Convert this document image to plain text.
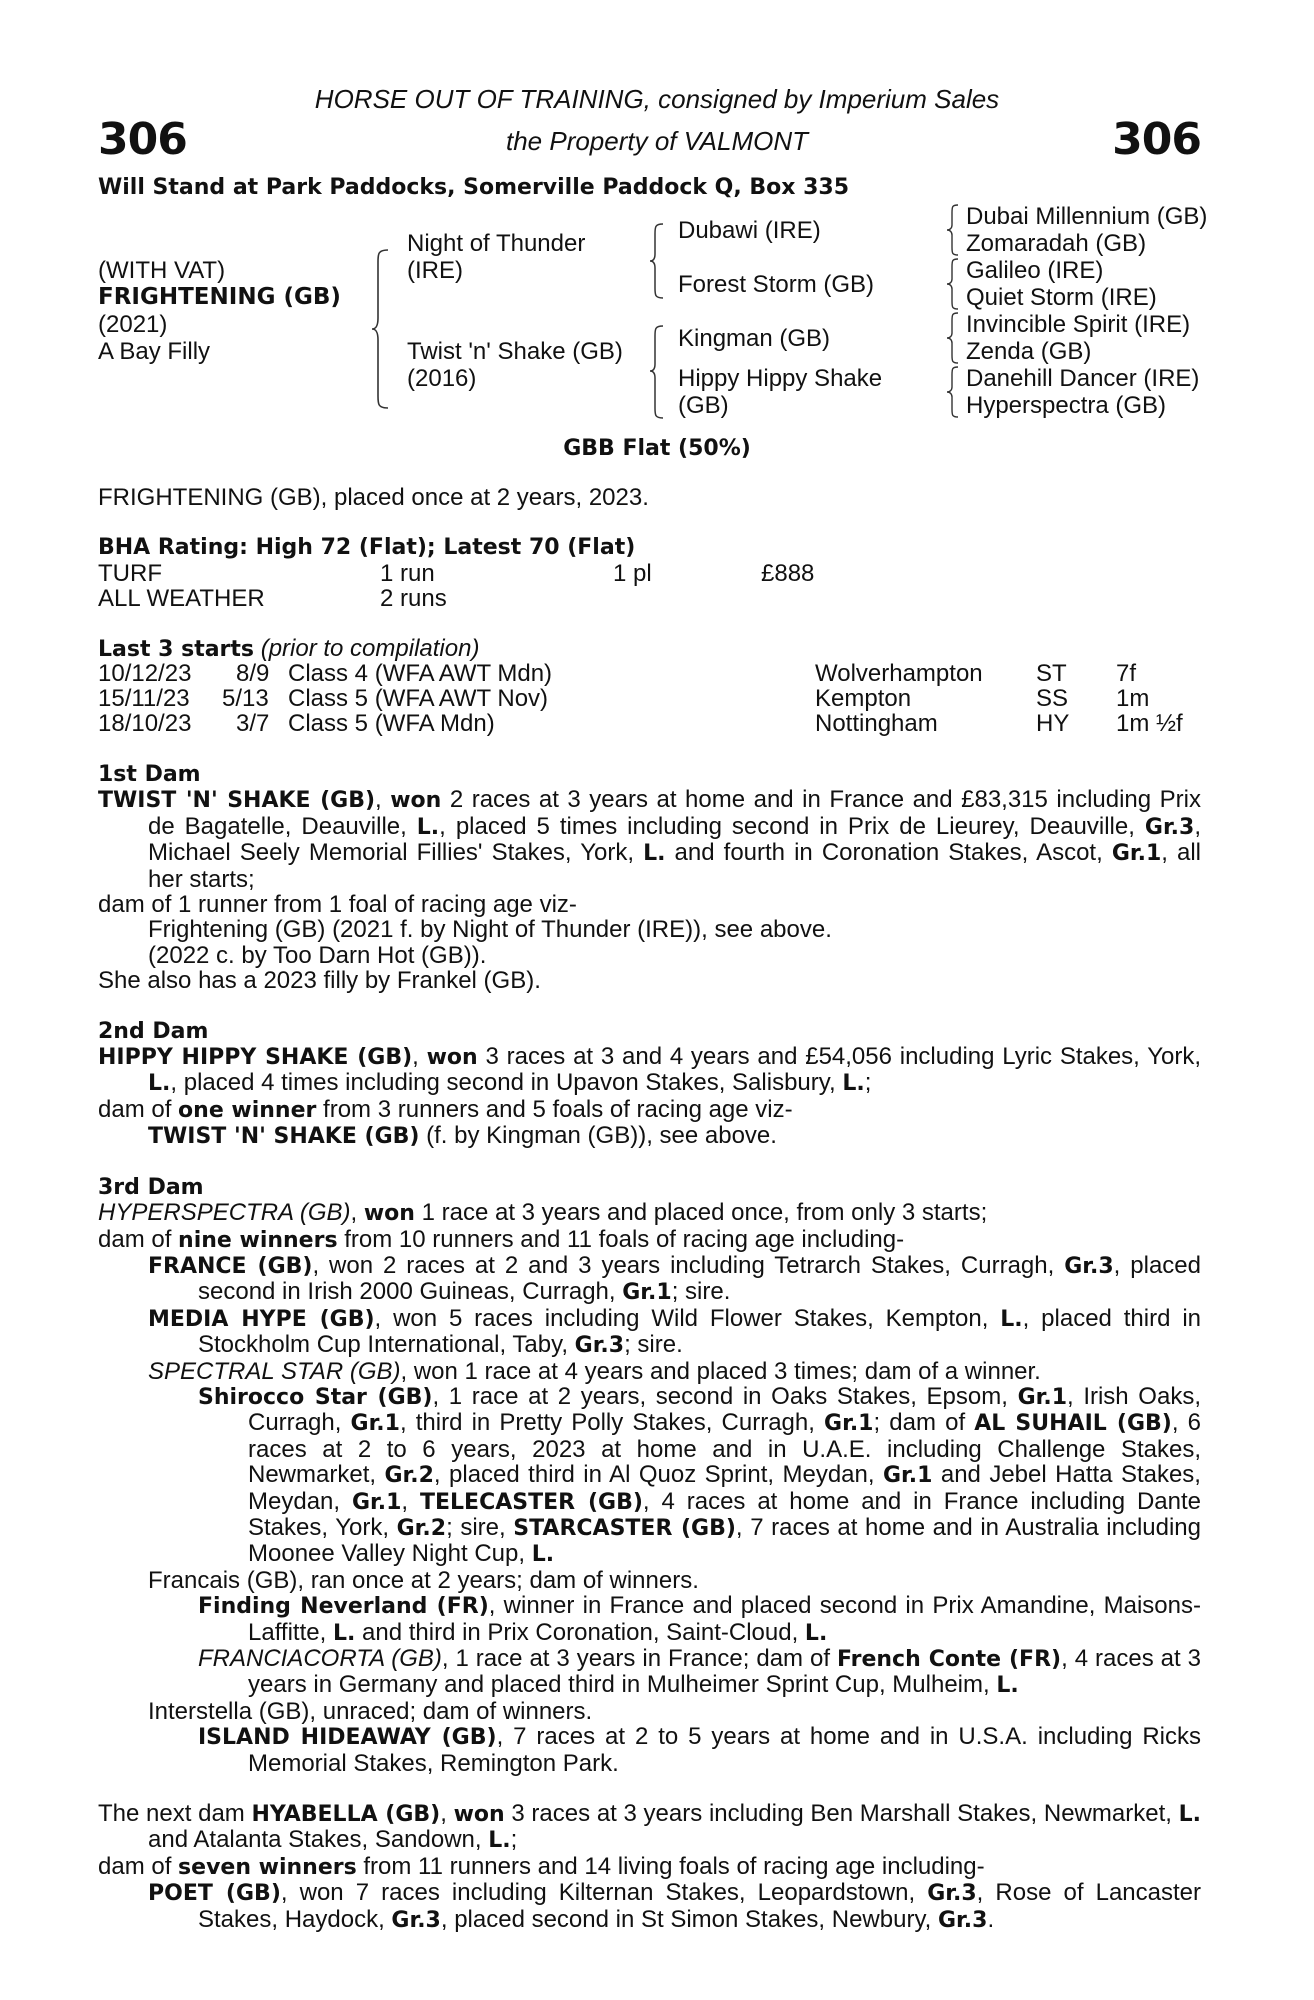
HORSE OUT OF TRAINING, consigned by Imperium Sales
the Property of VALMONT
306	306
Will Stand at Park Paddocks, Somerville Paddock Q, Box 335
(WITH VAT)
FRIGHTENING (GB)
(2021)
A Bay Filly
Night of Thunder
(IRE)
Twist 'n' Shake (GB)
(2016)
Dubawi (IRE)
Forest Storm (GB)
Kingman (GB)
Hippy Hippy Shake
(GB)
Dubai Millennium (GB)
Zomaradah (GB)
Galileo (IRE)
Quiet Storm (IRE)
Invincible Spirit (IRE)
Zenda (GB)
Danehill Dancer (IRE)
Hyperspectra (GB)
GBB Flat (50%)
FRIGHTENING (GB), placed once at 2 years, 2023.
BHA Rating: High 72 (Flat); Latest 70 (Flat)
TURF	1 run	1 pl	£888
ALL WEATHER	2 runs
Last 3 starts (prior to compilation)
10/12/23 8/9 Class 4 (WFA AWT Mdn)	Wolverhampton ST 7f
15/11/23 5/13 Class 5 (WFA AWT Nov)	Kempton	SS 1m
18/10/23 3/7 Class 5 (WFA Mdn)	Nottingham	HY 1m ½f
1st Dam

TWIST 'N' SHAKE (GB), won 2 races at 3 years at home and in France and £83,315 including Prix de Bagatelle, Deauville, L., placed 5 times including second in Prix de Lieurey, Deauville, Gr.3, Michael Seely Memorial Fillies' Stakes, York, L. and fourth in Coronation Stakes, Ascot, Gr.1, all her starts;

dam of 1 runner from 1 foal of racing age viz-

Frightening (GB) (2021 f. by Night of Thunder (IRE)), see above.

(2022 c. by Too Darn Hot (GB)).

She also has a 2023 filly by Frankel (GB).

2nd Dam

HIPPY HIPPY SHAKE (GB), won 3 races at 3 and 4 years and £54,056 including Lyric Stakes, York, L., placed 4 times including second in Upavon Stakes, Salisbury, L.;

dam of one winner from 3 runners and 5 foals of racing age viz-

TWIST 'N' SHAKE (GB) (f. by Kingman (GB)), see above.

3rd Dam

HYPERSPECTRA (GB), won 1 race at 3 years and placed once, from only 3 starts;

dam of nine winners from 10 runners and 11 foals of racing age including-

FRANCE (GB), won 2 races at 2 and 3 years including Tetrarch Stakes, Curragh, Gr.3, placed second in Irish 2000 Guineas, Curragh, Gr.1; sire.

MEDIA HYPE (GB), won 5 races including Wild Flower Stakes, Kempton, L., placed third in Stockholm Cup International, Taby, Gr.3; sire.

SPECTRAL STAR (GB), won 1 race at 4 years and placed 3 times; dam of a winner.

Shirocco Star (GB), 1 race at 2 years, second in Oaks Stakes, Epsom, Gr.1, Irish Oaks, Curragh, Gr.1, third in Pretty Polly Stakes, Curragh, Gr.1; dam of AL SUHAIL (GB), 6 races at 2 to 6 years, 2023 at home and in U.A.E. including Challenge Stakes, Newmarket, Gr.2, placed third in Al Quoz Sprint, Meydan, Gr.1 and Jebel Hatta Stakes, Meydan, Gr.1, TELECASTER (GB), 4 races at home and in France including Dante Stakes, York, Gr.2; sire, STARCASTER (GB), 7 races at home and in Australia including Moonee Valley Night Cup, L.

Francais (GB), ran once at 2 years; dam of winners.

Finding Neverland (FR), winner in France and placed second in Prix Amandine, Maisons-Laffitte, L. and third in Prix Coronation, Saint-Cloud, L.

FRANCIACORTA (GB), 1 race at 3 years in France; dam of French Conte (FR), 4 races at 3 years in Germany and placed third in Mulheimer Sprint Cup, Mulheim, L.

Interstella (GB), unraced; dam of winners.

ISLAND HIDEAWAY (GB), 7 races at 2 to 5 years at home and in U.S.A. including Ricks Memorial Stakes, Remington Park.

The next dam HYABELLA (GB), won 3 races at 3 years including Ben Marshall Stakes, Newmarket, L. and Atalanta Stakes, Sandown, L.;

dam of seven winners from 11 runners and 14 living foals of racing age including-

POET (GB), won 7 races including Kilternan Stakes, Leopardstown, Gr.3, Rose of Lancaster Stakes, Haydock, Gr.3, placed second in St Simon Stakes, Newbury, Gr.3.
